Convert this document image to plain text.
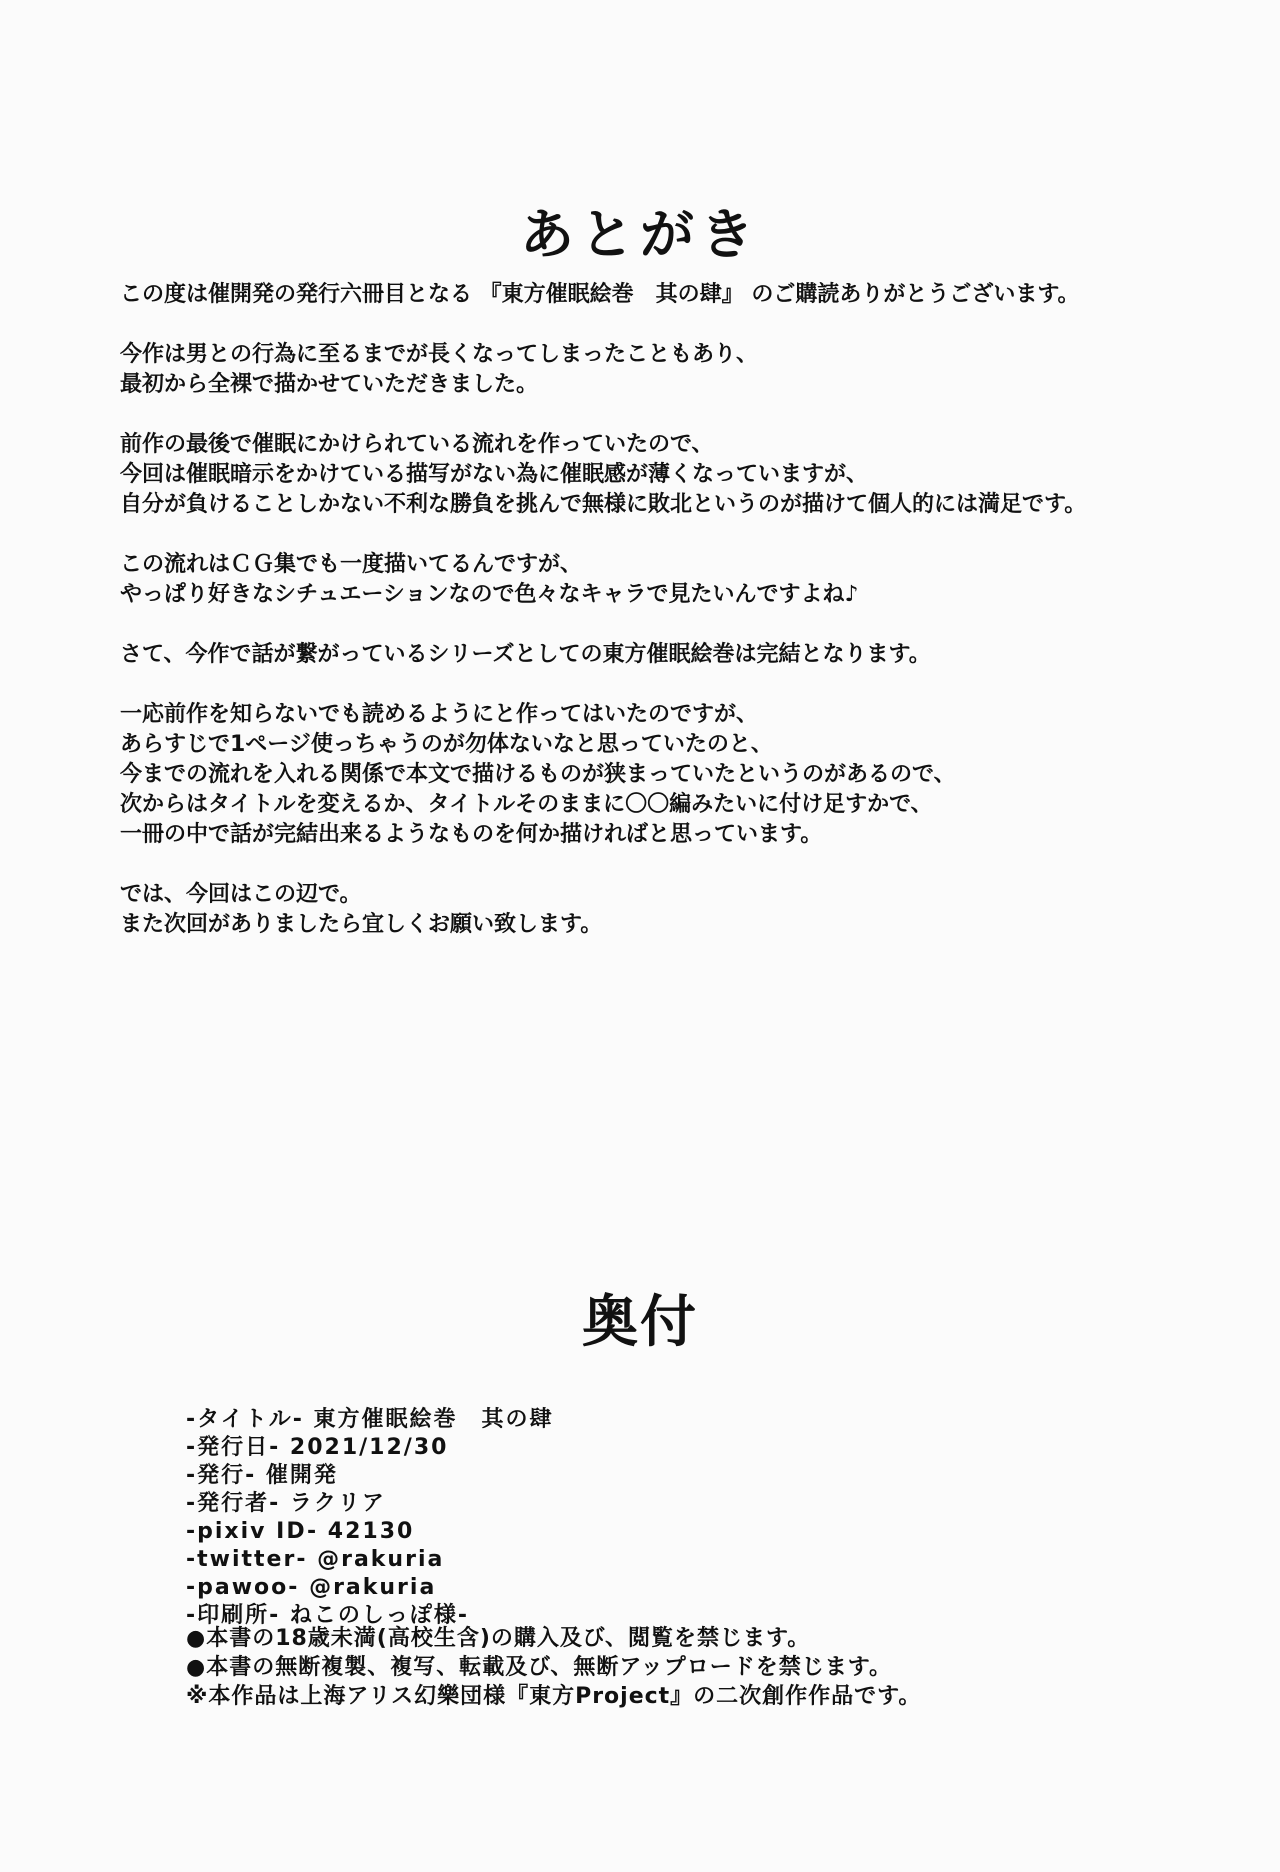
あとがき

この度は催開発の発行六冊目となる 『東方催眠絵巻　其の肆』 のご購読ありがとうございます。

今作は男との行為に至るまでが長くなってしまったこともあり、
最初から全裸で描かせていただきました。

前作の最後で催眠にかけられている流れを作っていたので、
今回は催眠暗示をかけている描写がない為に催眠感が薄くなっていますが、
自分が負けることしかない不利な勝負を挑んで無様に敗北というのが描けて個人的には満足です。

この流れはＣＧ集でも一度描いてるんですが、
やっぱり好きなシチュエーションなので色々なキャラで見たいんですよね♪

さて、今作で話が繋がっているシリーズとしての東方催眠絵巻は完結となります。

一応前作を知らないでも読めるようにと作ってはいたのですが、
あらすじで1ページ使っちゃうのが勿体ないなと思っていたのと、
今までの流れを入れる関係で本文で描けるものが狭まっていたというのがあるので、
次からはタイトルを変えるか、タイトルそのままに〇〇編みたいに付け足すかで、
一冊の中で話が完結出来るようなものを何か描ければと思っています。

では、今回はこの辺で。
また次回がありましたら宜しくお願い致します。

奥付
-タイトル- 東方催眠絵巻　其の肆
-発行日- 2021/12/30
-発行- 催開発
-発行者- ラクリア
-pixiv ID- 42130
-twitter- @rakuria
-pawoo- @rakuria
-印刷所- ねこのしっぽ様-
●本書の18歳未満(高校生含)の購入及び、閲覧を禁じます。
●本書の無断複製、複写、転載及び、無断アップロードを禁じます。
※本作品は上海アリス幻樂団様『東方Project』の二次創作作品です。
